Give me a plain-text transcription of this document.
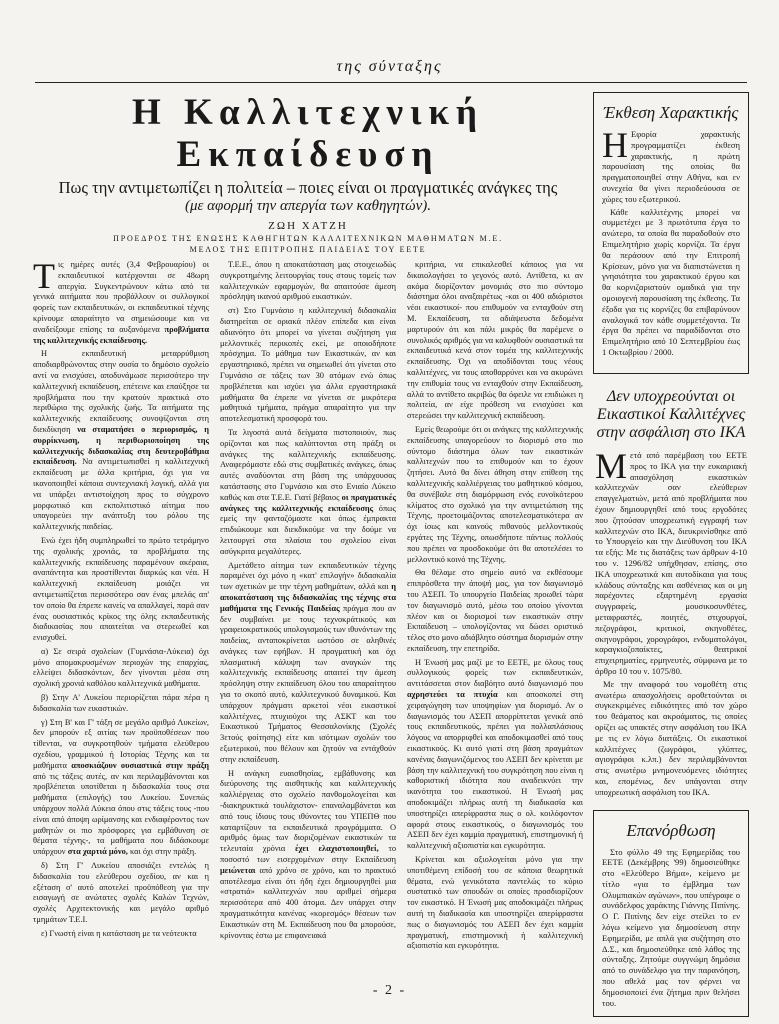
της σύνταξης
Η Καλλιτεχνική Εκπαίδευση
Πως την αντιμετωπίζει η πολιτεία – ποιες είναι οι πραγματικές ανάγκες της
(με αφορμή την απεργία των καθηγητών).
ΖΩΗ ΧΑΤΖΗ
ΠΡΟΕΔΡΟΣ ΤΗΣ ΕΝΩΣΗΣ ΚΑΘΗΓΗΤΩΝ ΚΑΛΛΙΤΕΧΝΙΚΩΝ ΜΑΘΗΜΑΤΩΝ Μ.Ε.
ΜΕΛΟΣ ΤΗΣ ΕΠΙΤΡΟΠΗΣ ΠΑΙΔΕΙΑΣ ΤΟΥ ΕΕΤΕ

Τις ημέρες αυτές (3,4 Φεβρουαρίου) οι εκπαιδευτικοί κατέρχονται σε 48ωρη απεργία. Συγκεντρώνουν κάτω από τα γενικά αιτήματα που προβάλλουν οι συλλογικοί φορείς των εκπαιδευτικών, οι εκπαιδευτικοί τέχνης κρίνουμε απαραίτητο να σημειώσουμε και να αναδείξουμε επίσης τα αυξανόμενα προβλήματα της καλλιτεχνικής εκπαίδευσης.

Η εκπαιδευτική μεταρρύθμιση αποδιαρθρώνοντας στην ουσία το δημόσιο σχολείο αντί να ενισχύσει, αποδυνάμωσε περισσότερο την καλλιτεχνική εκπαίδευση, επέτεινε και επαύξησε τα προβλήματα που την κρατούν πρακτικά στο περιθώριο της σχολικής ζωής. Τα αιτήματα της καλλιτεχνικής εκπαίδευσης συνοψίζονται στη διεκδίκηση να σταματήσει ο περιορισμός, η συρρίκνωση, η περιθωριοποίηση της καλλιτεχνικής διδασκαλίας στη δευτεροβάθμια εκπαίδευση. Να αντιμετωπισθεί η καλλιτεχνική εκπαίδευση με άλλα κριτήρια, όχι για να ικανοποιηθεί κάποια συντεχνιακή λογική, αλλά για να υπάρξει αντιστοίχηση προς το σύγχρονο μορφωτικό και εκπολιτιστικό αίτημα που υπαγορεύει την ανάπτυξη του ρόλου της καλλιτεχνικής παιδείας.

Ενώ έχει ήδη συμπληρωθεί το πρώτο τετράμηνο της σχολικής χρονιάς, τα προβλήματα της καλλιτεχνικής εκπαίδευσης παραμένουν ακέραια, αναπάντητα και προστίθενται διαρκώς και νέα. Η καλλιτεχνική εκπαίδευση μοιάζει να αντιμετωπίζεται περισσότερο σαν ένας μπελάς απ' τον οποίο θα έπρεπε κανείς να απαλλαγεί, παρά σαν ένας ουσιαστικός κρίκος της όλης εκπαιδευτικής διαδικασίας που απαιτείται να στερεωθεί και ενισχυθεί.

α) Σε σειρά σχολείων (Γυμνάσια-Λύκεια) όχι μόνο απομακρυσμένων περιοχών της επαρχίας, ελλείψει διδασκόντων, δεν γίνονται μέσα στη σχολική χρονιά καθόλου καλλιτεχνικά μαθήματα.

β) Στην Α' Λυκείου περιορίζεται πάρα πέρα η διδασκαλία των εικαστικών.

γ) Στη Β' και Γ' τάξη σε μεγάλο αριθμό Λυκείων, δεν μπορούν εξ αιτίας των προϋποθέσεων που τίθενται, να συγκροτηθούν τμήματα ελεύθερου σχεδίου, γραμμικού ή Ιστορίας Τέχνης και τα μαθήματα αποσκιάζουν ουσιαστικά στην πράξη από τις τάξεις αυτές, αν και περιλαμβάνονται και προβλέπεται υποτίθεται η διδασκαλία τους στα μαθήματα (επιλογής) του Λυκείου. Συνεπώς υπάρχουν πολλά Λύκεια όπου στις τάξεις τους -που είναι από άποψη ωρίμανσης και ενδιαφέροντος των μαθητών οι πιο πρόσφορες για εμβάθυνση σε θέματα τέχνης-, τα μαθήματα που διδάσκουμε υπάρχουν στα χαρτιά μόνο, και όχι στην πράξη.

δ) Στη Γ' Λυκείου αποσιάζει εντελώς η διδασκαλία του ελεύθερου σχεδίου, αν και η εξέταση σ' αυτό αποτελεί προϋπόθεση για την εισαγωγή σε ανώτατες σχολές Καλών Τεχνών, σχολές Αρχιτεκτονικής και μεγάλο αριθμό τμημάτων Τ.Ε.Ι.

ε) Γνωστή είναι η κατάσταση με τα νεότευκτα

Τ.Ε.Ε., όπου η αποκατάσταση μας στοιχειωδώς συγκροτημένης λειτουργίας τους στους τομείς των καλλιτεχνικών εφαρμογών, θα απαιτούσε άμεση πρόσληψη ικανού αριθμού εικαστικών.

στ) Στο Γυμνάσιο η καλλιτεχνική διδασκαλία διατηρείται σε οριακά πλέον επίπεδα και είναι αδιανόητο ότι μπορεί να γίνεται συζήτηση για μελλοντικές περικοπές εκεί, με οποιοδήποτε πρόσχημα. Το μάθημα των Εικαστικών, αν και εργαστηριακό, πρέπει να σημειωθεί ότι γίνεται στο Γυμνάσιο σε τάξεις των 30 ατόμων ενώ όπως προβλέπεται και ισχύει για άλλα εργαστηριακά μαθήματα θα έπρεπε να γίνεται σε μικρότερα μαθητικά τμήματα, πράγμα απαραίτητο για την αποτελεσματική προσφορά του.

Τα λιγοστά αυτά δείγματα πιστοποιούν, πως ορίζονται και πως καλύπτονται στη πράξη οι ανάγκες της καλλιτεχνικής εκπαίδευσης. Αναφερόμαστε εδώ στις συμβατικές ανάγκες, όπως αυτές αναδύονται στη βάση της υπάρχουσας κατάστασης στο Γυμνάσιο και στο Ενιαίο Λύκειο καθώς και στα Τ.Ε.Ε. Γιατί βέβαιος οι πραγματικές ανάγκες της καλλιτεχνικής εκπαίδευσης όπως εμείς την φανταζόμαστε και όπως έμπρακτα επιδιώκουμε και διεκδικούμε να την δούμε να λειτουργεί στα πλαίσια του σχολείου είναι ασύγκριτα μεγαλύτερες.

Αμετάθετο αίτημα των εκπαιδευτικών τέχνης παραμένει όχι μόνο η «κατ' επιλογήν» διδασκαλία των σχετικών με την τέχνη μαθημάτων, αλλά και η αποκατάσταση της διδασκαλίας της τέχνης στα μαθήματα της Γενικής Παιδείας πράγμα που αν δεν συμβαίνει με τους τεχνοκράτικούς και γραφειοκρατικούς υπολογισμούς των ιθυνόντων της παιδείας, ανταποκρίνεται ωστόσο σε αληθινές ανάγκες των εφήβων. Η πραγματική και όχι πλασματική κάλυψη των αναγκών της καλλιτεχνικής εκπαίδευσης απαιτεί την άμεση πρόσληψη στην εκπαίδευση όλου του απαραίτητου για το σκοπό αυτό, καλλιτεχνικού δυναμικού. Και υπάρχουν πράγματι αρκετοί νέοι εικαστικοί καλλιτέχνες, πτυχιούχοι της ΑΣΚΤ και του Εικαστικού Τμήματος Θεσσαλονίκης (Σχολές 3ετούς φοίτησης) είτε και ισότιμων σχολών του εξωτερικού, που θέλουν και ζητούν να εντάχθούν στην εκπαίδευση.

Η ανάγκη ευαισθησίας, εμβάθυνσης και διεύρυνσης της αισθητικής και καλλιτεχνικής καλλιέργειας στο σχολείο πανθομολογείται και -διακηρυκτικά τουλάχιστον- επαναλαμβάνεται και από τους ίδιους τους ιθύνοντες του ΥΠΕΠΘ που καταρτίζουν τα εκπαιδευτικά προγράμματα. Ο αριθμός όμως των διοριζομένων εικαστικών τα τελευταία χρόνια έχει ελαχιστοποιηθεί, το ποσοστό των εισερχομένων στην Εκπαίδευση μειώνεται από χρόνο σε χρόνο, και το πρακτικό αποτέλεσμα είναι ότι ήδη έχει δημιουργηθεί μια «στρατιά» καλλιτεχνών που αριθμεί σήμερα περισσότερα από 400 άτομα. Δεν υπάρχει στην πραγματικότητα κανένας «κορεσμός» θέσεων των Εικαστικών στη Μ. Εκπαίδευση που θα μπορούσε, κρίνοντας έστω με επιφανειακά

κριτήρια, να επικαλεσθεί κάποιος για να δικαιολογήσει το γεγονός αυτό. Αντίθετα, κι αν ακόμα διορίζονταν μονομιάς στο πιο σύντομο διάστημα όλοι αναξαιρέτως -και οι 400 αδιόριστοι νέοι εικαστικοί- που επιθυμούν να ενταχθούν στη Μ. Εκπαίδευση, τα αδιάψευστα δεδομένα μαρτυρούν ότι και πάλι μικρός θα παρέμενε ο συνολικός αριθμός για να καλυφθούν ουσιαστικά τα εκπαιδευτικά κενά στον τομέα της καλλιτεχνικής εκπαίδευσης. Όχι να αποδίδονται τους νέους καλλιτέχνες, να τους αποθαρρύνει και να ακυρώνει την επιθυμία τους να ενταχθούν στην Εκπαίδευση, αλλά το αντίθετο ακριβώς θα όφειλε να επιδιώκει η πολιτεία, αν είχε πρόθεση να ενισχύσει και στερεώσει την καλλιτεχνική εκπαίδευση.

Εμείς θεωρούμε ότι οι ανάγκες της καλλιτεχνικής εκπαίδευσης υπαγορεύουν το διορισμό στο πιο σύντομο διάστημα όλων των εικαστικών καλλιτεχνών που το επιθυμούν και το έχουν ζητήσει. Αυτό θα δίνει άθηση στην επίθεση της καλλιτεχνικής καλλιέργειας του μαθητικού κόσμου, θα συνέβαλε στη διαμόρφωση ενός ευνοϊκότερου κλίματος στο σχολικό για την αντιμετώπιση της Τέχνης, προετοιμάζοντας αποτελεσματικότερα αν όχι ίσως και καινούς πιθανούς μελλοντικούς εργάτες της Τέχνης, οπωσδήποτε πάντως πολλούς που πρέπει να προσδοκούμε ότι θα αποτελέσει το μελλοντικό κοινό της Τέχνης.

Θα θέλαμε στο σημείο αυτό να εκθέσουμε επιπρόσθετα την άποψή μας, για τον διαγωνισμό του ΑΣΕΠ. Το υπουργείο Παιδείας προωθεί τώρα τον διαγωνισμό αυτό, μέσω του οποίου γίνονται πλέον και οι διορισμοί των εικαστικών στην Εκπαίδευση – υπολογίζοντας να δώσει οριστικό τέλος στο μονο αδιάβλητο σύστημα διορισμών στην εκπαίδευση, την επετηρίδα.

Η Ένωσή μας μαζί με το ΕΕΤΕ, με όλους τους συλλογικούς φορείς των εκπαιδευτικών, αντιτάσσεται στον διαβόητο αυτό διαγωνισμό που αχρηστεύει τα πτυχία και αποσκοπεί στη χειραγώγηση των υποψηφίων για διορισμό. Αν ο διαγωνισμός του ΑΣΕΠ απορρίπτεται γενικά από τους εκπαιδευτικούς, πρέπει για πολλαπλάσιους λόγους να απορριφθεί και αποδοκιμασθεί από τους εικαστικούς. Κι αυτό γιατί στη βάση πραγμάτων κανένας διαγωνιζόμενος του ΑΣΕΠ δεν κρίνεται με βάση την καλλιτεχνική του συγκρότηση που είναι η καθοριστική ιδιότητα που αναδεικνύει την ικανότητα του εικαστικού. Η Ένωσή μας αποδοκιμάζει πλήρως αυτή τη διαδικασία και υποστηρίζει απερίφραστα πως ο ολ. κοιλόφοντον αφορά στους εικαστικούς, ο διαγωνισμός του ΑΣΕΠ δεν έχει καμμία πραγματική, επιστημονική ή καλλιτεχνική αξιοπιστία και εγκυρότητα.

Κρίνεται και αξιολογείται μόνο για την υποτιθέμενη επίδοσή του σε κάποια θεωρητικά θέματα, ενώ γενικότατα παντελώς το κύριο συστατικό των σπουδών οι οποίες προσδιορίζουν τον εικαστικό. Η Ένωσή μας αποδοκιμάζει πλήρως αυτή τη διαδικασία και υποστηρίζει απερίφραστα πως ο διαγωνισμός του ΑΣΕΠ δεν έχει καμμία πραγματική, επιστημονική ή καλλιτεχνική αξιοπιστία και εγκυρότητα.

Έκθεση Χαρακτικής

Η Εφορία χαρακτικής προγραμματίζει έκθεση χαρακτικής, η πρώτη παρουσίαση της οποίας θα πραγματοποιηθεί στην Αθήνα, και εν συνεχεία θα γίνει περιοδεύουσα σε χώρες του εξωτερικού.

Κάθε καλλιτέχνης μπορεί να συμμετέχει με 3 πρωτότυπα έργα το ανώτερο, τα οποία θα παραδοθούν στο Επιμελητήριο χωρίς κορνίζα. Τα έργα θα περάσουν από την Επιτροπή Κρίσεων, μόνο για να διαπιστώνεται η γνησιότητα του χαρακτικού έργου και θα κορνιζαριστούν ομαδικά για την ομοιογενή παρουσίαση της έκθεσης. Τα έξοδα για τις κορνίζες θα επιβαρύνουν αναλογικά τον κάθε συμμετέχοντα. Τα έργα θα πρέπει να παραδίδονται στο Επιμελητήριο από 10 Σεπτεμβρίου έως 1 Οκτωβρίου / 2000.

Δεν υποχρεούνται οι Εικαστικοί Καλλιτέχνες στην ασφάλιση στο ΙΚΑ

Μετά από παρέμβαση του ΕΕΤΕ προς το ΙΚΑ για την ευκαιριακή απασχόληση εικαστικών καλλιτεχνών σαν ελεύθερων επαγγελματιών, μετά από προβλήματα που έχουν δημιουργηθεί από τους εργοδότες που ζητούσαν υποχρεωτική εγγραφή των καλλιτεχνών στο ΙΚΑ, διευκρινίσθηκε από το Υπουργείο και την Διεύθυνση του ΙΚΑ τα εξής: Με τις διατάξεις των άρθρων 4-10 του ν. 1296/82 υπήχθησαν, επίσης, στο ΙΚΑ υποχρεωτικά και αυτοδίκαια για τους κλάδους σύνταξης και ασθένειας και οι μη παρέχοντες εξαρτημένη εργασία συγγραφείς, μουσικοσυνθέτες, μεταφραστές, ποιητές, στιχουργοί, πεζογράφοι, κριτικοί, σκηνοθέτες, σκηνογράφοι, χορογράφοι, ενδυματολόγοι, καραγκιοζοπαίκτες, θεατρικοί επιχειρηματίες, ερμηνευτές, σύμφωνα με το άρθρο 10 του ν. 1075/80.

Με την αναφορά του νομοθέτη στις ανωτέρω απασχολήσεις οροθετούνται οι συγκεκριμένες ειδικότητες από τον χώρο του θεάματος και ακροάματος, τις οποίες ορίζει ως υπακτές στην ασφάλιση του ΙΚΑ με τις εν λόγω διατάξεις. Οι εικαστικοί καλλιτέχνες (ζωγράφοι, γλύπτες, αγιογράφοι κ.λπ.) δεν περιλαμβάνονται στις ανωτέρω μνημονευόμενες ιδιότητες και, επομένως, δεν υπάγονται στην υποχρεωτική ασφάλιση του ΙΚΑ.

Επανόρθωση

Στο φύλλο 49 της Εφημερίδας του ΕΕΤΕ (Δεκέμβρης '99) δημοσιεύθηκε στο «Ελεύθερο Βήμα», κείμενο με τίτλο «για το έμβλημα των Ολυμπιακών αγώνων», που υπέγραφε ο συνάδελφος χαράκτης Γιάννης Πιπίνης. Ο Γ. Πιπίνης δεν είχε στείλει το εν λόγω κείμενο για δημοσίευση στην Εφημερίδα, με απλά για συζήτηση στο Δ.Σ., και δημοσιεύθηκε από λάθος της σύνταξης. Ζητούμε συγγνώμη δημόσια από το συνάδελφο για την παρανόηση, που αθελά μας τον φέρνει να δημοσιοποιεί ένα ζήτημα πριν θελήσει του.

- 2 -
